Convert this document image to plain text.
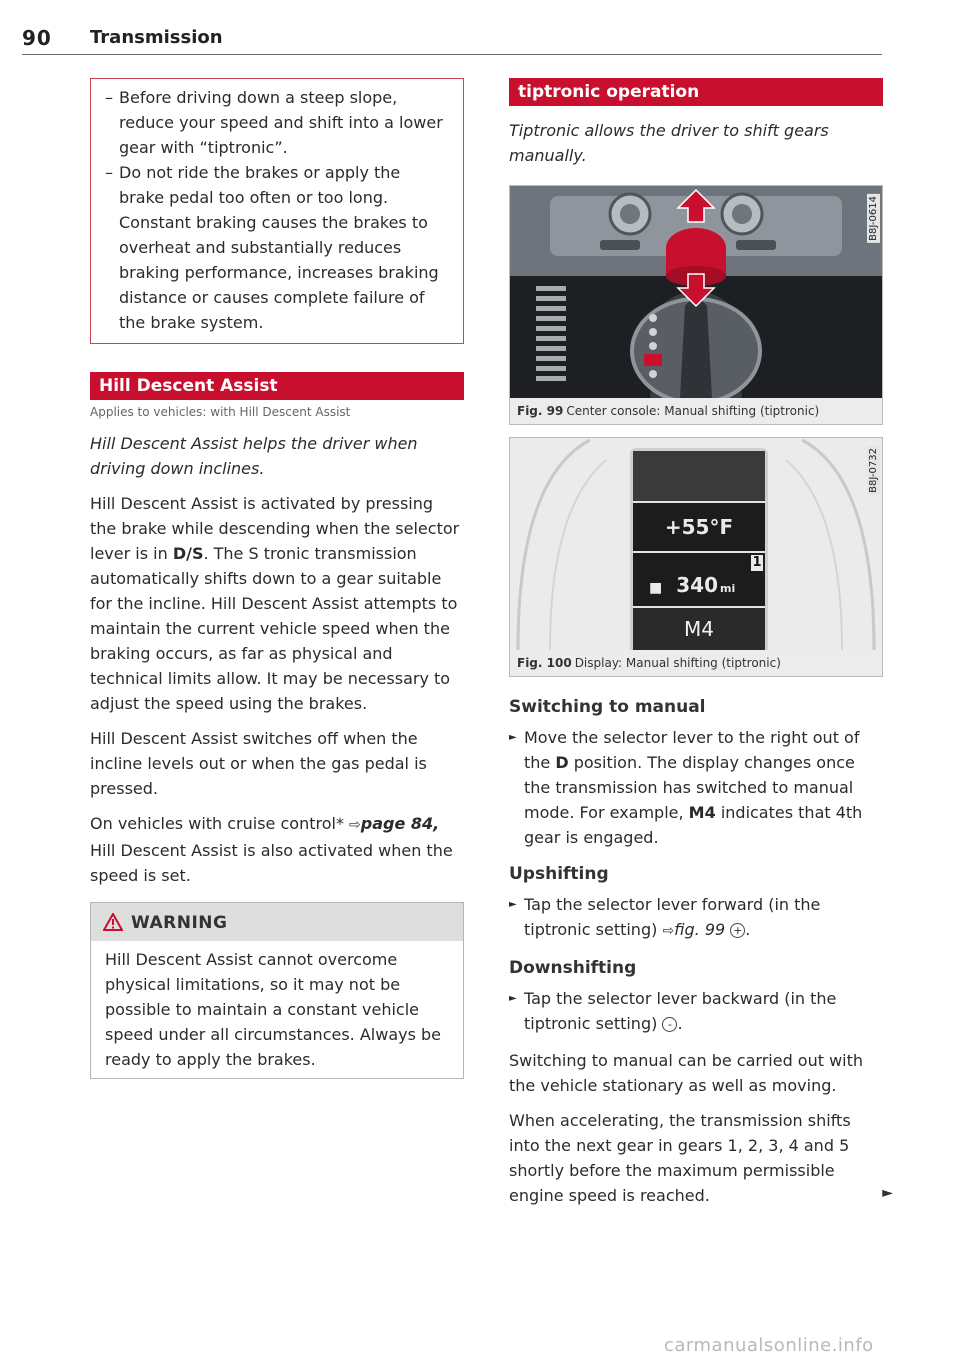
90 Transmission
– Before driving down a steep slope, reduce your speed and shift into a lower gear with “tiptronic”.
– Do not ride the brakes or apply the brake pedal too often or too long. Constant braking causes the brakes to overheat and substantially reduces braking performance, increases braking distance or causes complete failure of the brake system.
Hill Descent Assist
Applies to vehicles: with Hill Descent Assist
Hill Descent Assist helps the driver when driving down inclines.

Hill Descent Assist is activated by pressing the brake while descending when the selector lever is in D/S. The S tronic transmission automatically shifts down to a gear suitable for the incline. Hill Descent Assist attempts to maintain the current vehicle speed when the braking occurs, as far as physical and technical limits allow. It may be necessary to adjust the speed using the brakes.

Hill Descent Assist switches off when the incline levels out or when the gas pedal is pressed.

On vehicles with cruise control* ⇨page 84, Hill Descent Assist is also activated when the speed is set.

WARNING
Hill Descent Assist cannot overcome physical limitations, so it may not be possible to maintain a constant vehicle speed under all circumstances. Always be ready to apply the brakes.
tiptronic operation
Tiptronic allows the driver to shift gears manually.
B8J-0614
Fig. 99 Center console: Manual shifting (tiptronic)
+55°F
1
■ 340 mi
M4
B8J-0732
Fig. 100 Display: Manual shifting (tiptronic)
Switching to manual
► Move the selector lever to the right out of the D position. The display changes once the transmission has switched to manual mode. For example, M4 indicates that 4th gear is engaged.
Upshifting
► Tap the selector lever forward (in the tiptronic setting) ⇨fig. 99 + .
Downshifting
► Tap the selector lever backward (in the tiptronic setting) - .

Switching to manual can be carried out with the vehicle stationary as well as moving.

When accelerating, the transmission shifts into the next gear in gears 1, 2, 3, 4 and 5 shortly before the maximum permissible engine speed is reached.	►

carmanualsonline.info
